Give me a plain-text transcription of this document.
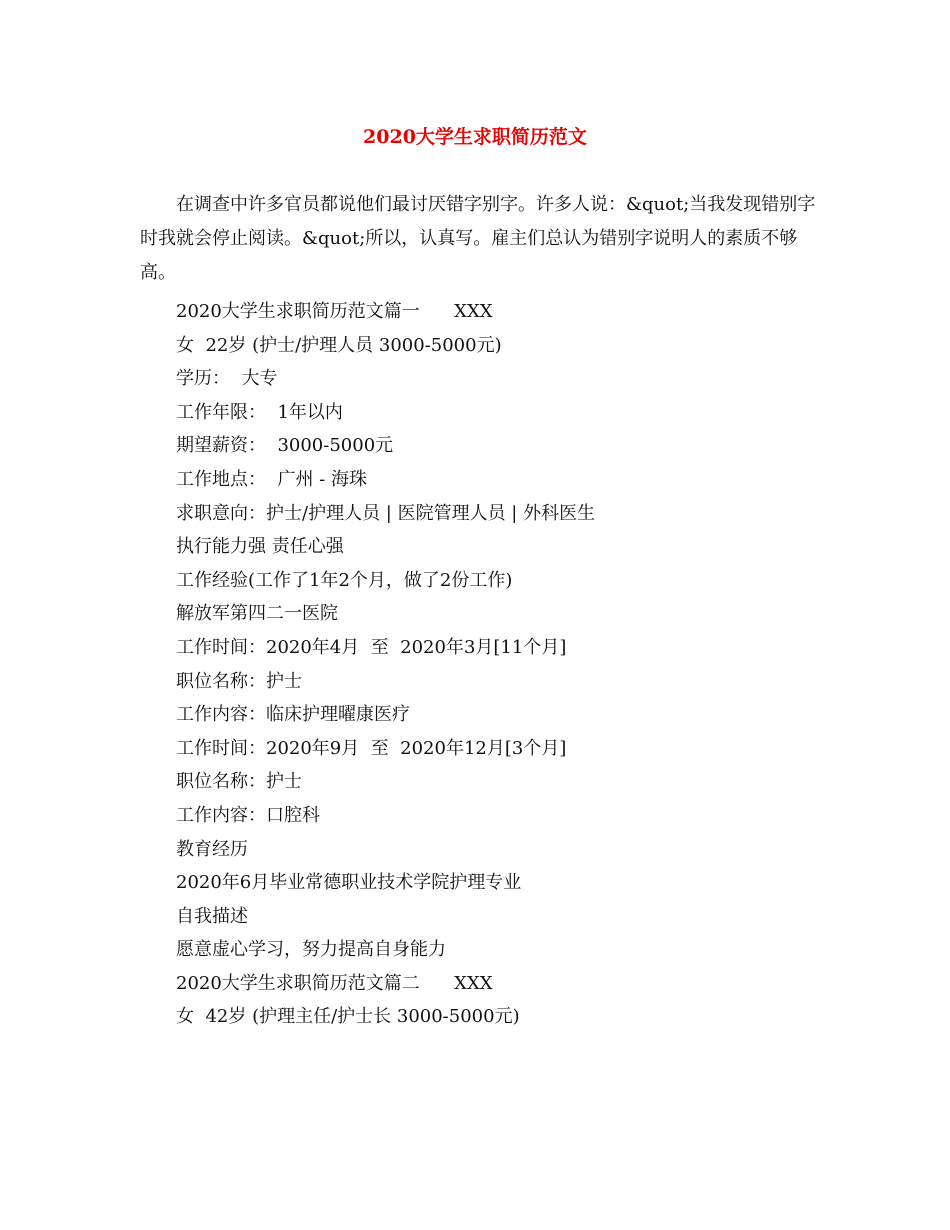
2020大学生求职简历范文
在调查中许多官员都说他们最讨厌错字别字。许多人说：&quot;当我发现错别字时我就会停止阅读。&quot;所以，认真写。雇主们总认为错别字说明人的素质不够高。
2020大学生求职简历范文篇一      XXX
女  22岁 (护士/护理人员 3000-5000元)
学历：  大专
工作年限：  1年以内
期望薪资：  3000-5000元
工作地点：  广州 - 海珠
求职意向：护士/护理人员 | 医院管理人员 | 外科医生
执行能力强 责任心强
工作经验(工作了1年2个月，做了2份工作)
解放军第四二一医院
工作时间：2020年4月  至  2020年3月[11个月]
职位名称：护士
工作内容：临床护理曜康医疗
工作时间：2020年9月  至  2020年12月[3个月]
职位名称：护士
工作内容：口腔科
教育经历
2020年6月毕业常德职业技术学院护理专业
自我描述
愿意虚心学习，努力提高自身能力
2020大学生求职简历范文篇二      XXX
女  42岁 (护理主任/护士长 3000-5000元)
